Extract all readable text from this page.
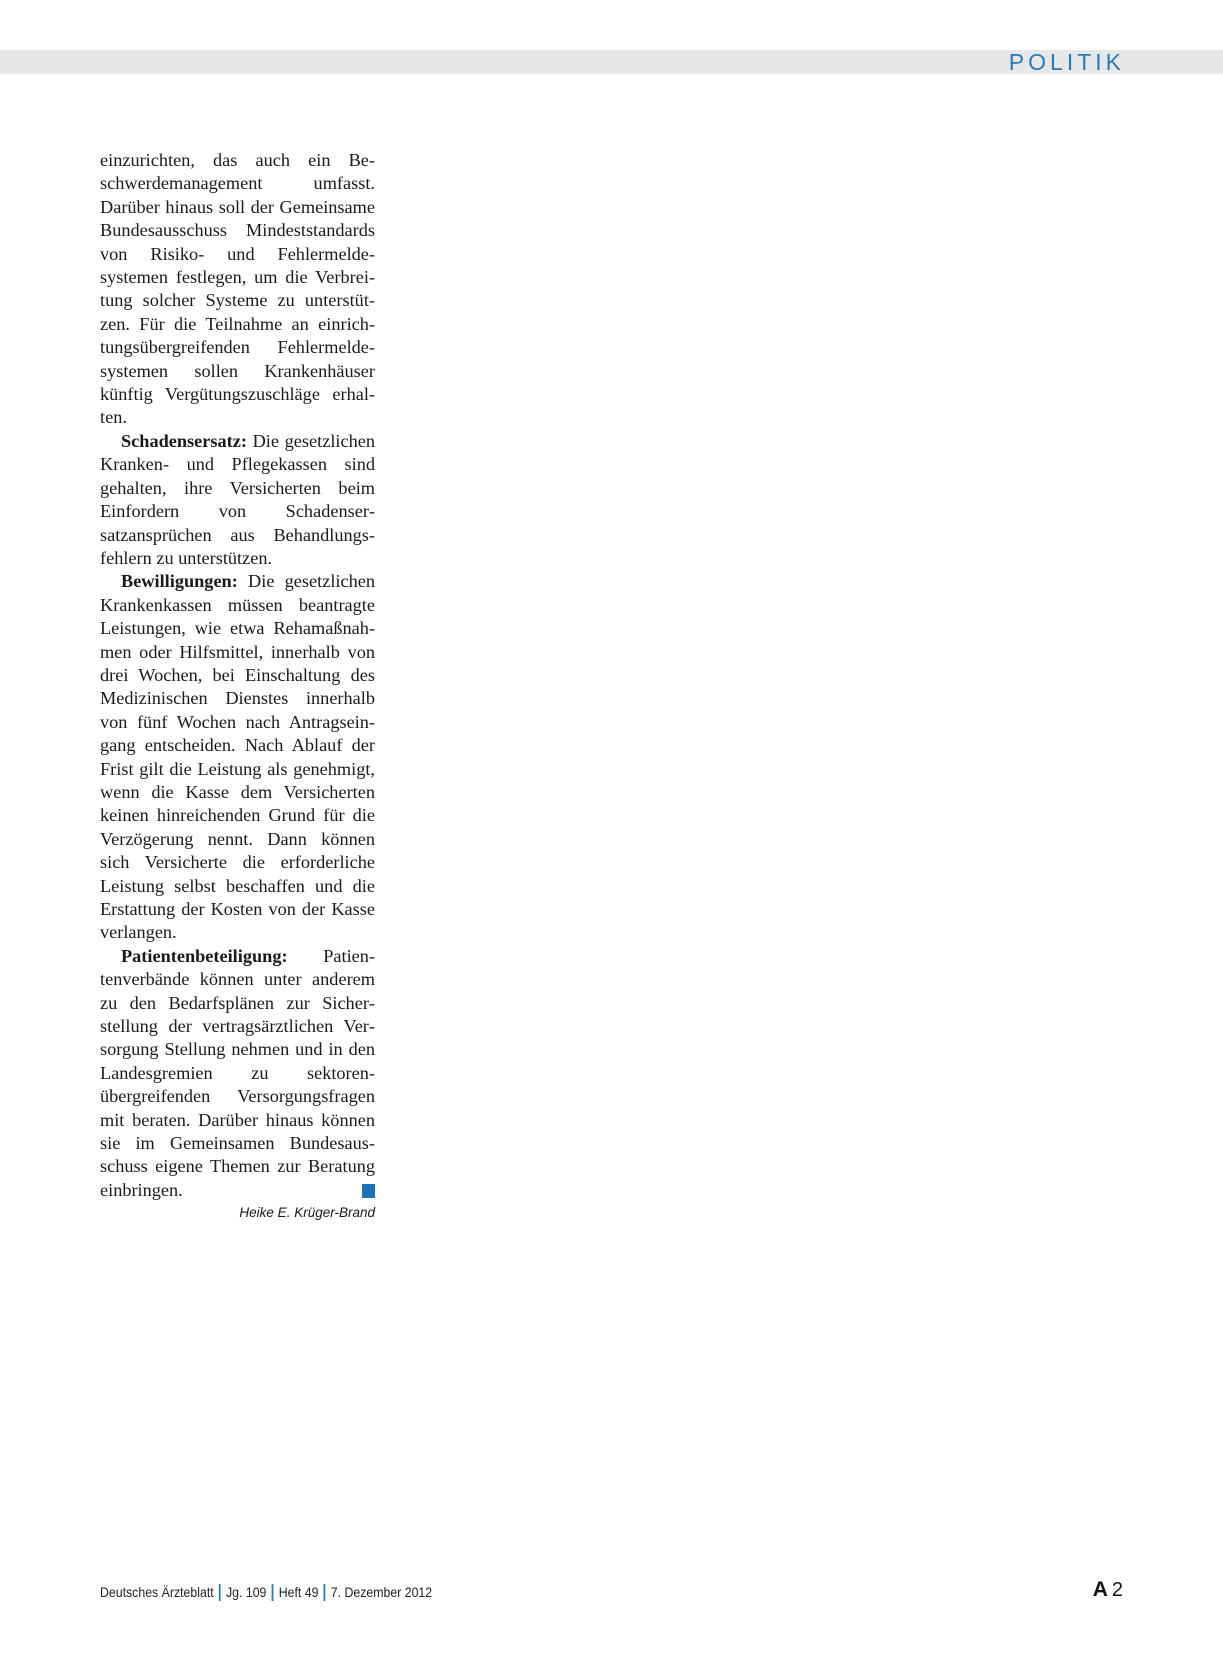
POLITIK

einzurichten, das auch ein Beschwerdemanagement umfasst. Darüber hinaus soll der Gemeinsame Bundesausschuss Mindeststandards von Risiko- und Fehlermeldesystemen festlegen, um die Verbreitung solcher Systeme zu unterstützen. Für die Teilnahme an einrichtungsübergreifenden Fehlermeldesystemen sollen Krankenhäuser künftig Vergütungszuschläge erhalten.

Schadensersatz: Die gesetzlichen Kranken- und Pflegekassen sind gehalten, ihre Versicherten beim Einfordern von Schadensersatzansprüchen aus Behandlungsfehlern zu unterstützen.

Bewilligungen: Die gesetzlichen Krankenkassen müssen beantragte Leistungen, wie etwa Rehamaßnahmen oder Hilfsmittel, innerhalb von drei Wochen, bei Einschaltung des Medizinischen Dienstes innerhalb von fünf Wochen nach Antragseingang entscheiden. Nach Ablauf der Frist gilt die Leistung als genehmigt, wenn die Kasse dem Versicherten keinen hinreichenden Grund für die Verzögerung nennt. Dann können sich Versicherte die erforderliche Leistung selbst beschaffen und die Erstattung der Kosten von der Kasse verlangen.

Patientenbeteiligung: Patientenverbände können unter anderem zu den Bedarfsplänen zur Sicherstellung der vertragsärztlichen Versorgung Stellung nehmen und in den Landesgremien zu sektorenübergreifenden Versorgungsfragen mit beraten. Darüber hinaus können sie im Gemeinsamen Bundesausschuss eigene Themen zur Beratung einbringen.

Heike E. Krüger-Brand
Deutsches Ärzteblatt Jg. 109 Heft 49 7. Dezember 2012	A 2
